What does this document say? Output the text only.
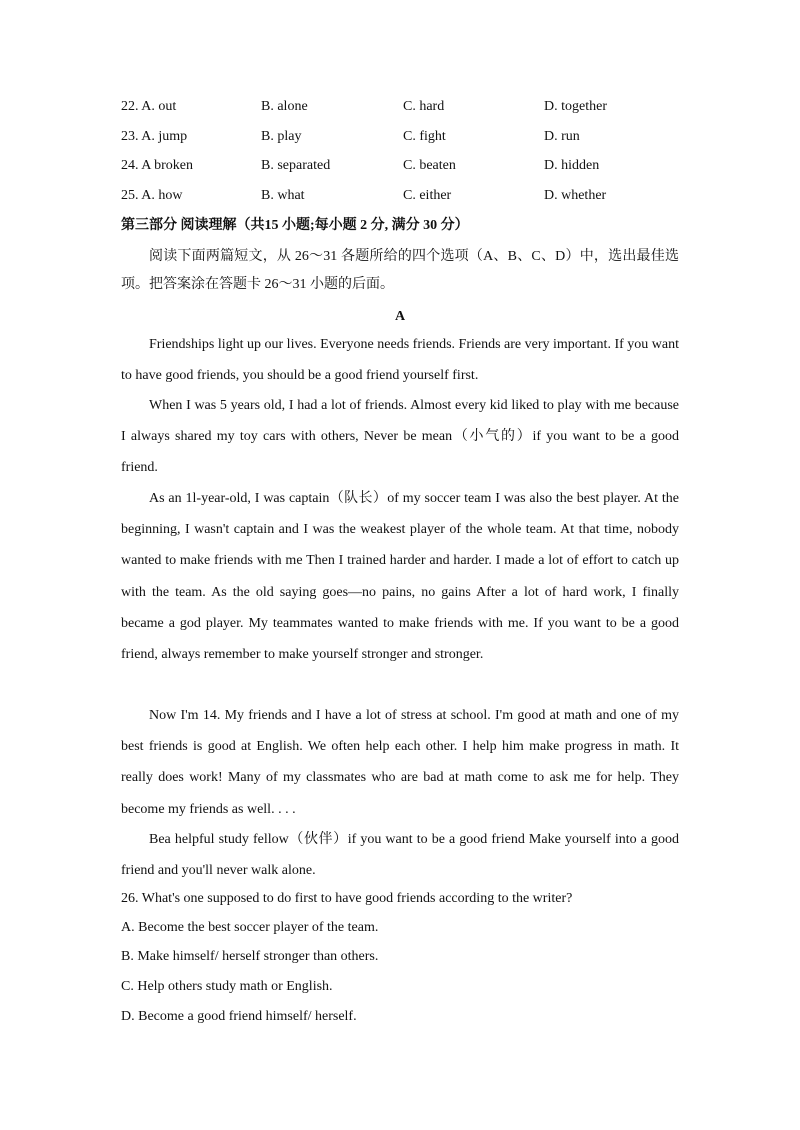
22. A. out	B. alone	C. hard	D. together
23. A. jump	B. play	C. fight	D. run
24. A broken	B. separated	C. beaten	D. hidden
25. A. how	B. what	C. either	D. whether
第三部分 阅读理解（共15 小题;每小题 2 分, 满分 30 分）

阅读下面两篇短文，从 26～31 各题所给的四个选项（A、B、C、D）中，选出最佳选项。把答案涂在答题卡 26～31 小题的后面。

A

Friendships light up our lives. Everyone needs friends. Friends are very important. If you want to have good friends, you should be a good friend yourself first.

When I was 5 years old, I had a lot of friends. Almost every kid liked to play with me because I always shared my toy cars with others, Never be mean（小气的）if you want to be a good friend.

As an 1l-year-old, I was captain（队长）of my soccer team I was also the best player. At the beginning, I wasn't captain and I was the weakest player of the whole team. At that time, nobody wanted to make friends with me Then I trained harder and harder. I made a lot of effort to catch up with the team. As the old saying goes—no pains, no gains After a lot of hard work, I finally became a god player. My teammates wanted to make friends with me. If you want to be a good friend, always remember to make yourself stronger and stronger.

Now I'm 14. My friends and I have a lot of stress at school. I'm good at math and one of my best friends is good at English. We often help each other. I help him make progress in math. It really does work! Many of my classmates who are bad at math come to ask me for help. They become my friends as well. . . .

Bea helpful study fellow（伙伴）if you want to be a good friend Make yourself into a good friend and you'll never walk alone.

26. What's one supposed to do first to have good friends according to the writer?
A. Become the best soccer player of the team.
B. Make himself/ herself stronger than others.
C. Help others study math or English.
D. Become a good friend himself/ herself.
